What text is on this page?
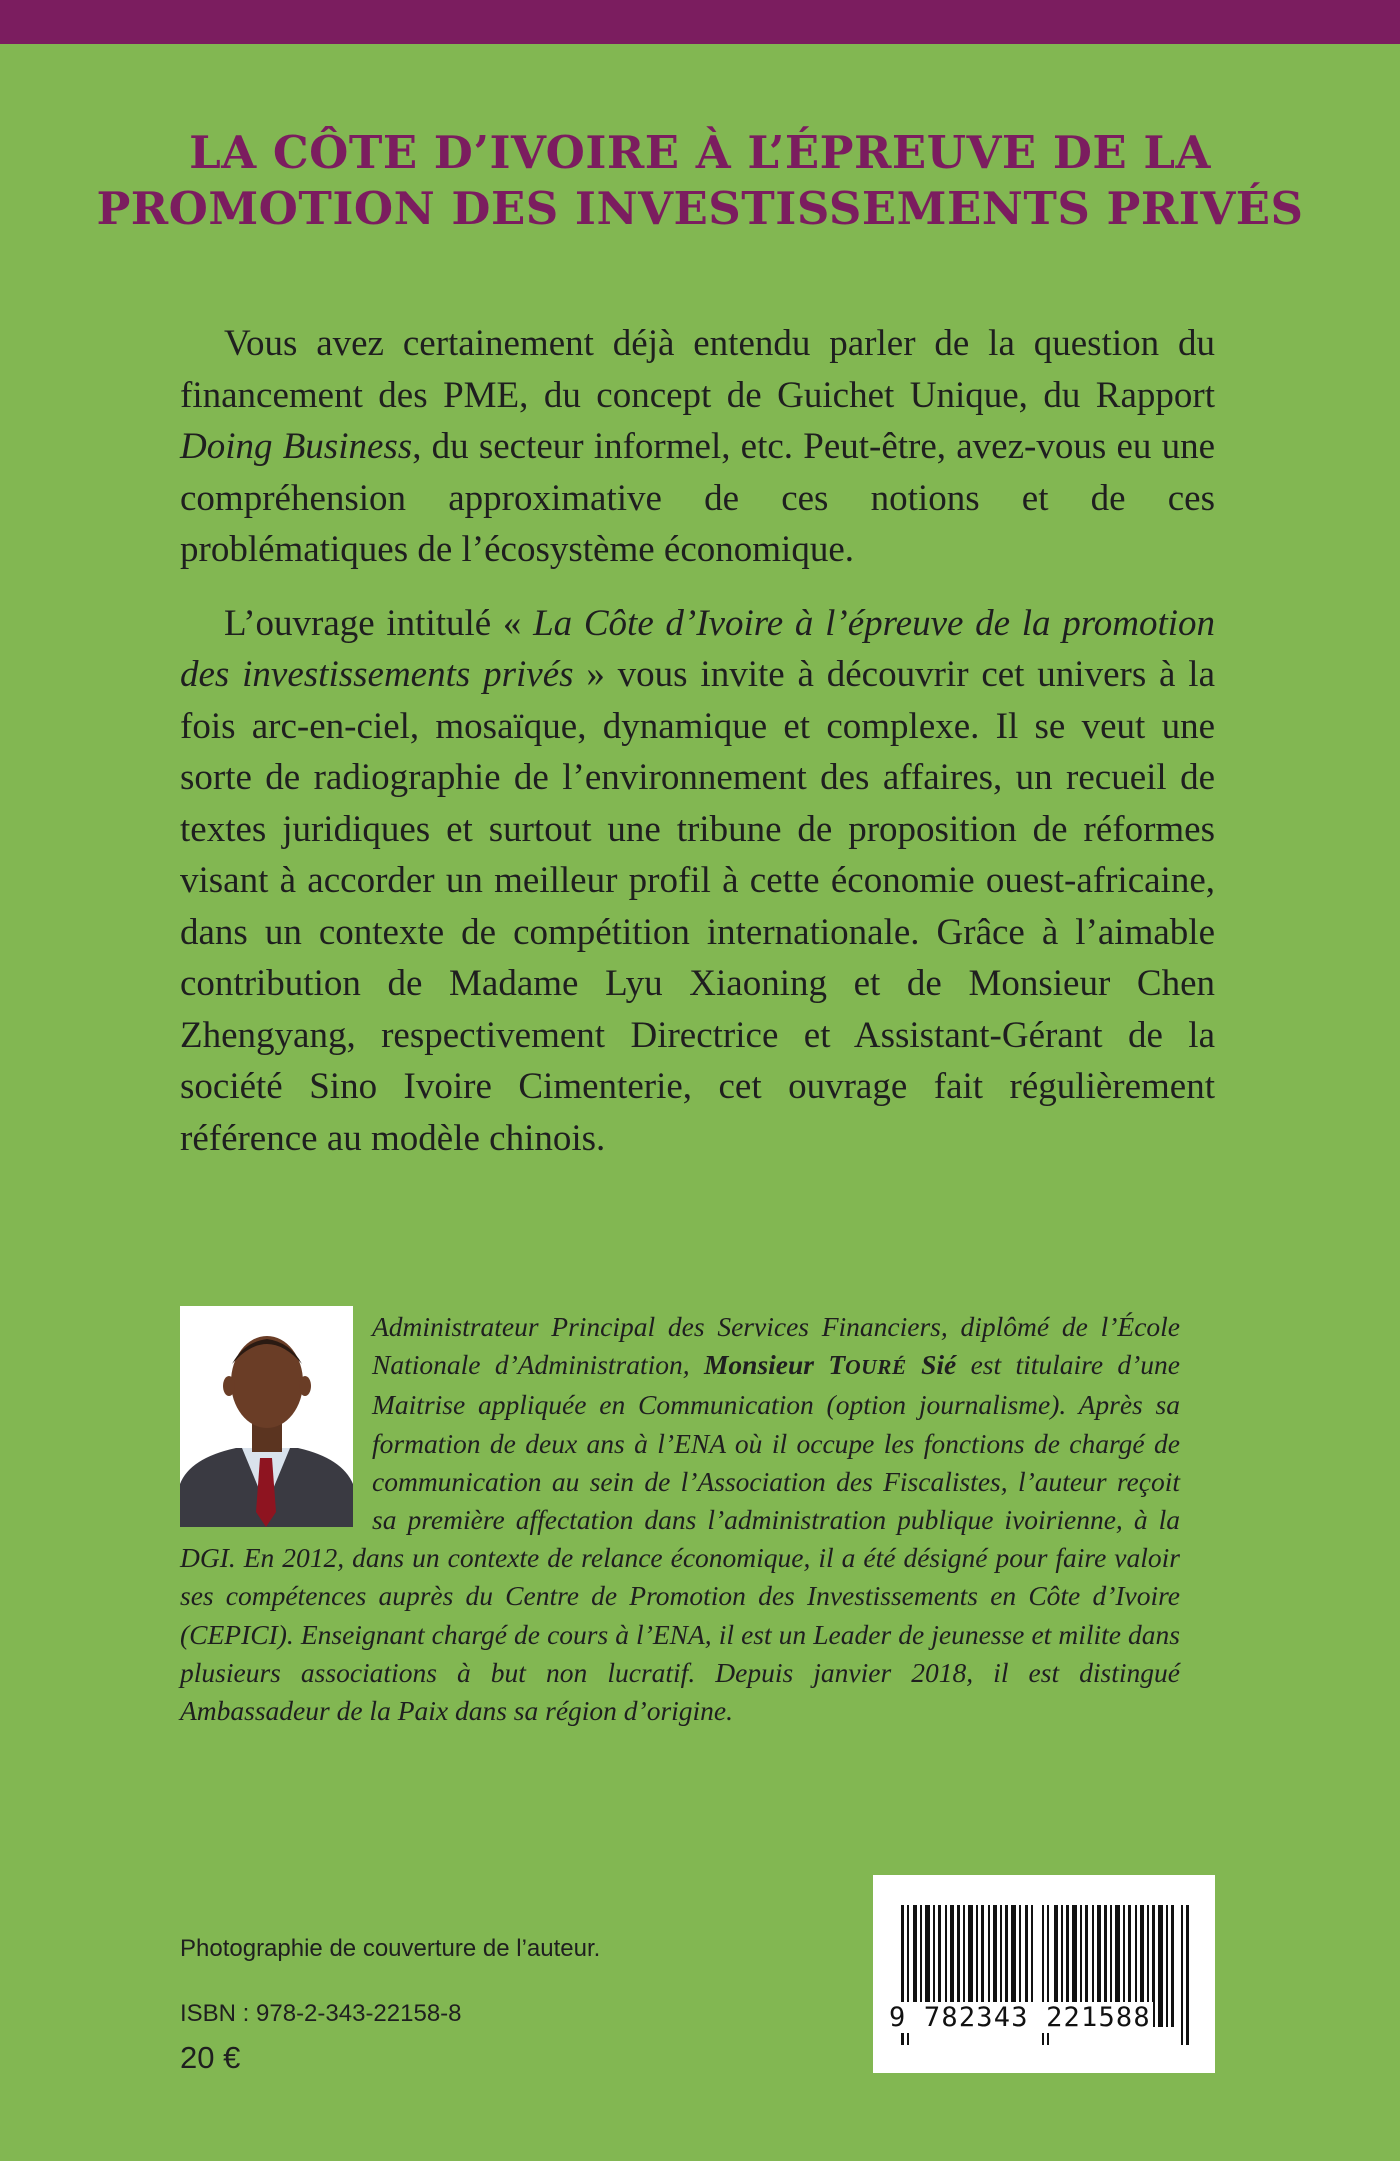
LA CÔTE D’IVOIRE À L’ÉPREUVE DE LA
PROMOTION DES INVESTISSEMENTS PRIVÉS

Vous avez certainement déjà entendu parler de la question du financement des PME, du concept de Guichet Unique, du Rapport Doing Business, du secteur informel, etc. Peut-être, avez-vous eu une compréhension approximative de ces notions et de ces problématiques de l’écosystème économique.

L’ouvrage intitulé « La Côte d’Ivoire à l’épreuve de la promotion des investissements privés » vous invite à découvrir cet univers à la fois arc-en-ciel, mosaïque, dynamique et complexe. Il se veut une sorte de radiographie de l’environnement des affaires, un recueil de textes juridiques et surtout une tribune de proposition de réformes visant à accorder un meilleur profil à cette économie ouest-africaine, dans un contexte de compétition internationale. Grâce à l’aimable contribution de Madame Lyu Xiaoning et de Monsieur Chen Zhengyang, respectivement Directrice et Assistant-Gérant de la société Sino Ivoire Cimenterie, cet ouvrage fait régulièrement référence au modèle chinois.

Administrateur Principal des Services Financiers, diplômé de l’École Nationale d’Administration, Monsieur TOURÉ Sié est titulaire d’une Maitrise appliquée en Communication (option journalisme). Après sa formation de deux ans à l’ENA où il occupe les fonctions de chargé de communication au sein de l’Association des Fiscalistes, l’auteur reçoit sa première affectation dans l’administration publique ivoirienne, à la DGI. En 2012, dans un contexte de relance économique, il a été désigné pour faire valoir ses compétences auprès du Centre de Promotion des Investissements en Côte d’Ivoire (CEPICI). Enseignant chargé de cours à l’ENA, il est un Leader de jeunesse et milite dans plusieurs associations à but non lucratif. Depuis janvier 2018, il est distingué Ambassadeur de la Paix dans sa région d’origine.
Photographie de couverture de l’auteur.
ISBN : 978-2-343-22158-8
20 €
9 782343 221588
